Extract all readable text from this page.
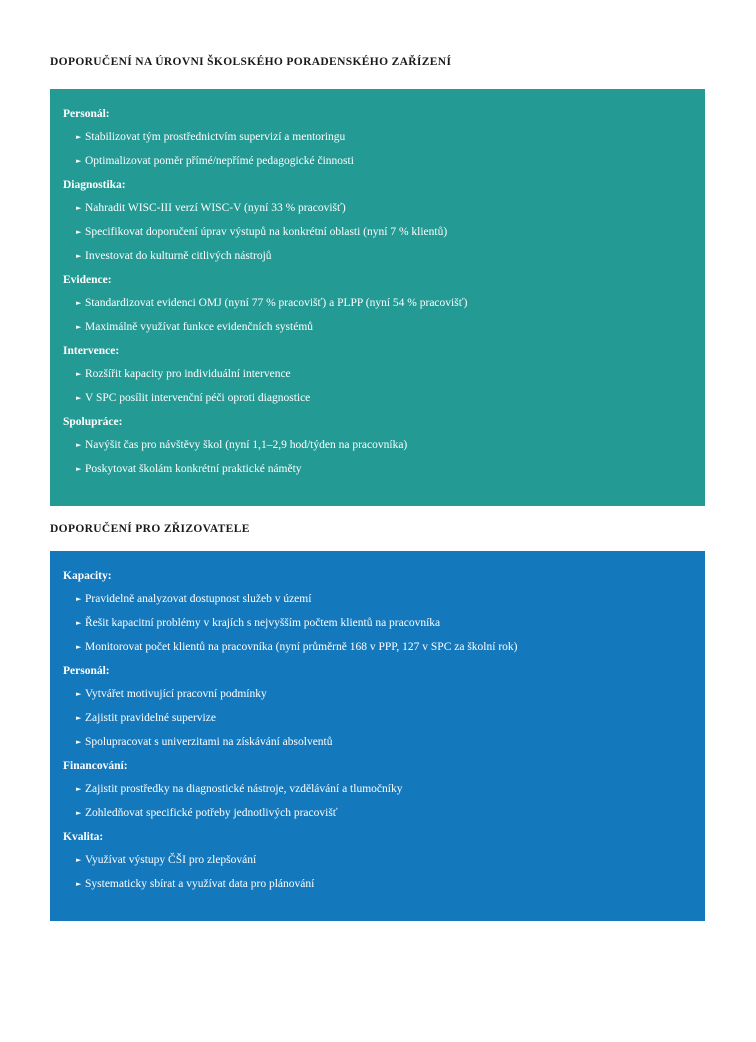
DOPORUČENÍ NA ÚROVNI ŠKOLSKÉHO PORADENSKÉHO ZAŘÍZENÍ
Personál:
► Stabilizovat tým prostřednictvím supervizí a mentoringu
► Optimalizovat poměr přímé/nepřímé pedagogické činnosti
Diagnostika:
► Nahradit WISC-III verzí WISC-V (nyní 33 % pracovišť)
► Specifikovat doporučení úprav výstupů na konkrétní oblasti (nyní 7 % klientů)
► Investovat do kulturně citlivých nástrojů
Evidence:
► Standardizovat evidenci OMJ (nyní 77 % pracovišť) a PLPP (nyní 54 % pracovišť)
► Maximálně využívat funkce evidenčních systémů
Intervence:
► Rozšířit kapacity pro individuální intervence
► V SPC posílit intervenční péči oproti diagnostice
Spolupráce:
► Navýšit čas pro návštěvy škol (nyní 1,1–2,9 hod/týden na pracovníka)
► Poskytovat školám konkrétní praktické náměty
DOPORUČENÍ PRO ZŘIZOVATELE
Kapacity:
► Pravidelně analyzovat dostupnost služeb v území
► Řešit kapacitní problémy v krajích s nejvyšším počtem klientů na pracovníka
► Monitorovat počet klientů na pracovníka (nyní průměrně 168 v PPP, 127 v SPC za školní rok)
Personál:
► Vytvářet motivující pracovní podmínky
► Zajistit pravidelné supervize
► Spolupracovat s univerzitami na získávání absolventů
Financování:
► Zajistit prostředky na diagnostické nástroje, vzdělávání a tlumočníky
► Zohledňovat specifické potřeby jednotlivých pracovišť
Kvalita:
► Využívat výstupy ČŠI pro zlepšování
► Systematicky sbírat a využívat data pro plánování
